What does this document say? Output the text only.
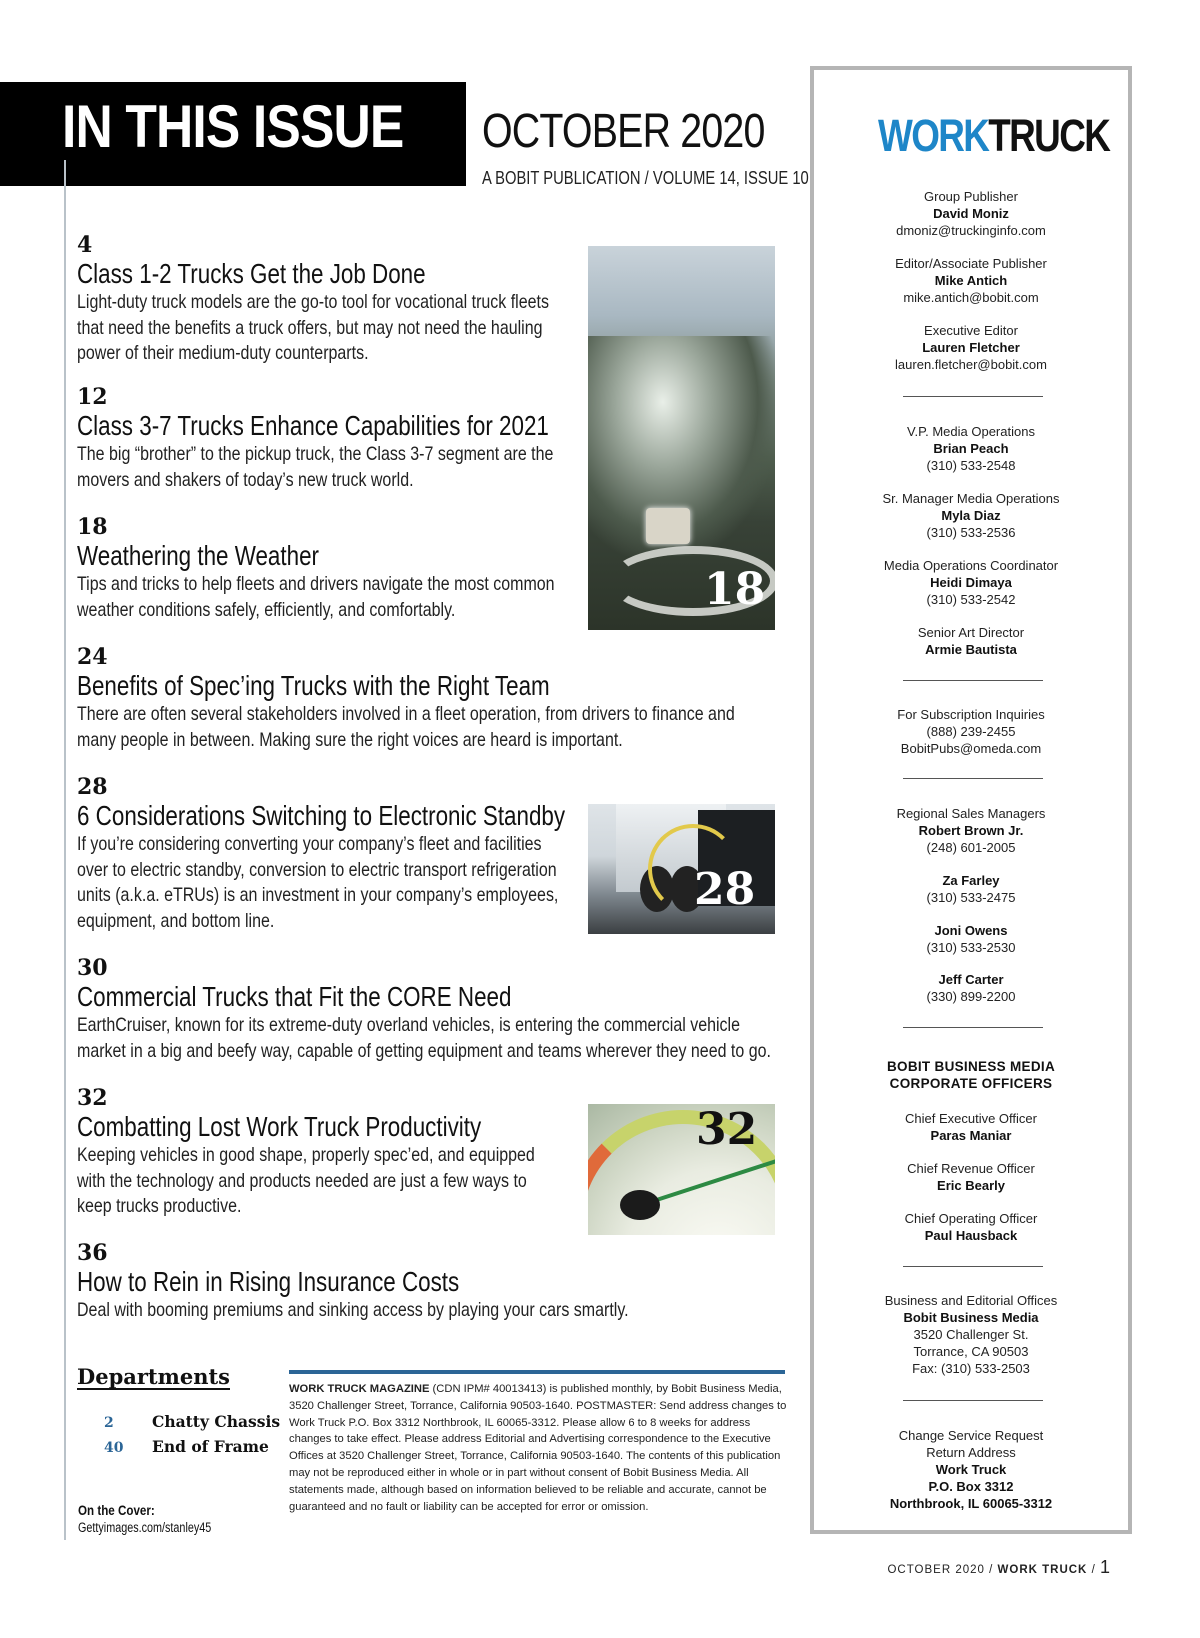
IN THIS ISSUE OCTOBER 2020
A BOBIT PUBLICATION / VOLUME 14, ISSUE 10
4
Class 1-2 Trucks Get the Job Done
Light-duty truck models are the go-to tool for vocational truck fleets
that need the benefits a truck offers, but may not need the hauling
power of their medium-duty counterparts.
12
Class 3-7 Trucks Enhance Capabilities for 2021
The big “brother” to the pickup truck, the Class 3-7 segment are the
movers and shakers of today’s new truck world.
18
Weathering the Weather
Tips and tricks to help fleets and drivers navigate the most common
weather conditions safely, efficiently, and comfortably.
24
Benefits of Spec’ing Trucks with the Right Team
There are often several stakeholders involved in a fleet operation, from drivers to finance and
many people in between. Making sure the right voices are heard is important.
28
6 Considerations Switching to Electronic Standby
If you’re considering converting your company’s fleet and facilities
over to electric standby, conversion to electric transport refrigeration
units (a.k.a. eTRUs) is an investment in your company’s employees,
equipment, and bottom line.
30
Commercial Trucks that Fit the CORE Need
EarthCruiser, known for its extreme-duty overland vehicles, is entering the commercial vehicle
market in a big and beefy way, capable of getting equipment and teams wherever they need to go.
32
Combatting Lost Work Truck Productivity
Keeping vehicles in good shape, properly spec’ed, and equipped
with the technology and products needed are just a few ways to
keep trucks productive.
36
How to Rein in Rising Insurance Costs
Deal with booming premiums and sinking access by playing your cars smartly.
18
28
32
Departments
2 Chatty Chassis
40 End of Frame
On the Cover:
Gettyimages.com/stanley45
WORK TRUCK MAGAZINE (CDN IPM# 40013413) is published monthly, by Bobit Business Media, 3520 Challenger Street, Torrance, California 90503-1640. POSTMASTER: Send address changes to Work Truck P.O. Box 3312 Northbrook, IL 60065-3312. Please allow 6 to 8 weeks for address changes to take effect. Please address Editorial and Advertising correspondence to the Executive Offices at 3520 Challenger Street, Torrance, California 90503-1640. The contents of this publication may not be reproduced either in whole or in part without consent of Bobit Business Media. All statements made, although based on information believed to be reliable and accurate, cannot be guaranteed and no fault or liability can be accepted for error or omission.
WORKTRUCK
Group Publisher
David Moniz
dmoniz@truckinginfo.com
Editor/Associate Publisher
Mike Antich
mike.antich@bobit.com
Executive Editor
Lauren Fletcher
lauren.fletcher@bobit.com
V.P. Media Operations
Brian Peach
(310) 533-2548
Sr. Manager Media Operations
Myla Diaz
(310) 533-2536
Media Operations Coordinator
Heidi Dimaya
(310) 533-2542
Senior Art Director
Armie Bautista
For Subscription Inquiries
(888) 239-2455
BobitPubs@omeda.com
Regional Sales Managers
Robert Brown Jr.
(248) 601-2005
Za Farley
(310) 533-2475
Joni Owens
(310) 533-2530
Jeff Carter
(330) 899-2200
BOBIT BUSINESS MEDIA
CORPORATE OFFICERS
Chief Executive Officer
Paras Maniar
Chief Revenue Officer
Eric Bearly
Chief Operating Officer
Paul Hausback
Business and Editorial Offices
Bobit Business Media
3520 Challenger St.
Torrance, CA 90503
Fax: (310) 533-2503
Change Service Request
Return Address
Work Truck
P.O. Box 3312
Northbrook, IL 60065-3312
OCTOBER 2020 / WORK TRUCK / 1
